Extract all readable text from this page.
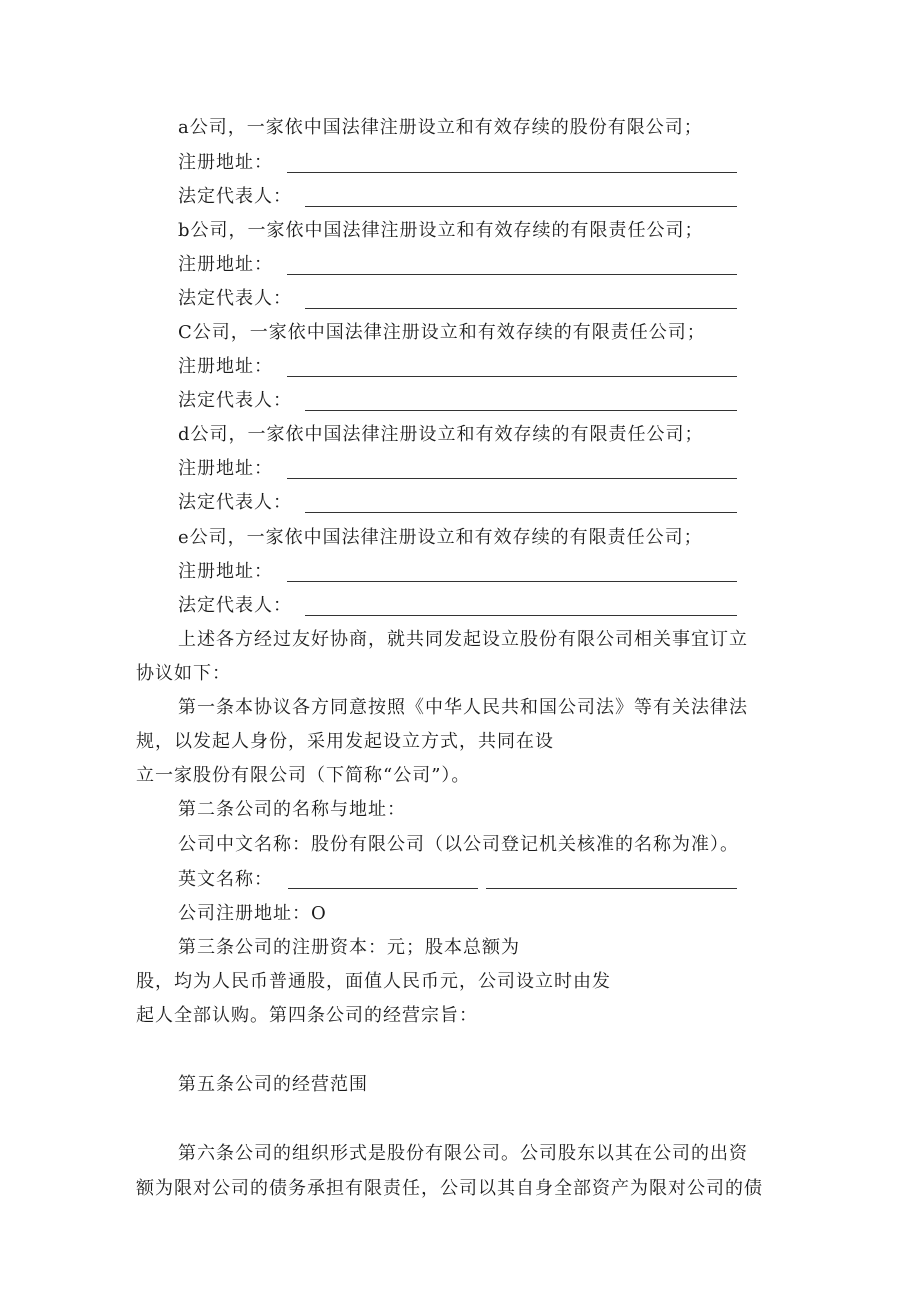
a公司，一家依中国法律注册设立和有效存续的股份有限公司；
注册地址：
法定代表人：
b公司，一家依中国法律注册设立和有效存续的有限责任公司；
注册地址：
法定代表人：
C公司，一家依中国法律注册设立和有效存续的有限责任公司；
注册地址：
法定代表人：
d公司，一家依中国法律注册设立和有效存续的有限责任公司；
注册地址：
法定代表人：
e公司，一家依中国法律注册设立和有效存续的有限责任公司；
注册地址：
法定代表人：
上述各方经过友好协商，就共同发起设立股份有限公司相关事宜订立
协议如下：
第一条本协议各方同意按照《中华人民共和国公司法》等有关法律法
规，以发起人身份，采用发起设立方式，共同在设
立一家股份有限公司（下简称“公司”）。
第二条公司的名称与地址：
公司中文名称：股份有限公司（以公司登记机关核准的名称为准）。
英文名称：
公司注册地址：O
第三条公司的注册资本：元；股本总额为
股，均为人民币普通股，面值人民币元，公司设立时由发
起人全部认购。第四条公司的经营宗旨：
第五条公司的经营范围
第六条公司的组织形式是股份有限公司。公司股东以其在公司的出资
额为限对公司的债务承担有限责任，公司以其自身全部资产为限对公司的债
